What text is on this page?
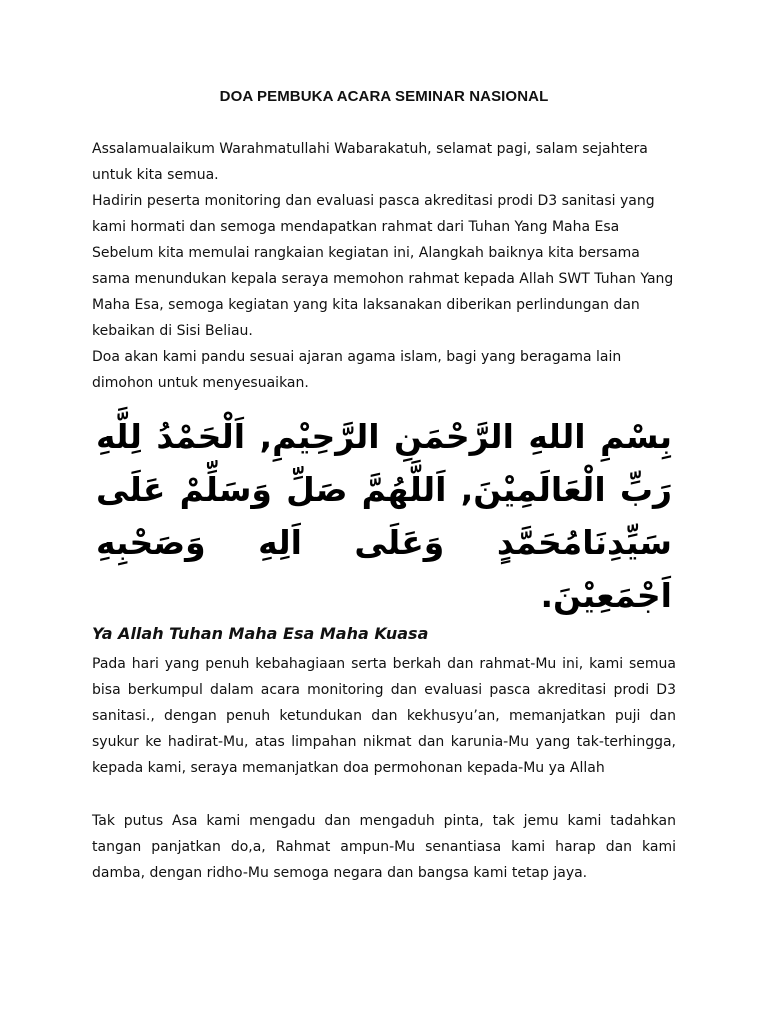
DOA PEMBUKA ACARA SEMINAR NASIONAL

Assalamualaikum Warahmatullahi Wabarakatuh, selamat pagi, salam sejahtera untuk kita semua.

Hadirin peserta monitoring dan evaluasi pasca akreditasi prodi D3 sanitasi yang kami hormati dan semoga mendapatkan rahmat dari Tuhan Yang Maha Esa

Sebelum kita memulai rangkaian kegiatan ini, Alangkah baiknya kita bersama sama menundukan kepala seraya memohon rahmat kepada Allah SWT Tuhan Yang Maha Esa, semoga kegiatan yang kita laksanakan diberikan perlindungan dan kebaikan di Sisi Beliau.

Doa akan kami pandu sesuai ajaran agama islam, bagi yang beragama lain dimohon untuk menyesuaikan.

بِسْمِ اللهِ الرَّحْمَنِ الرَّحِيْمِ, اَلْحَمْدُ لِلَّهِ رَبِّ الْعَالَمِيْنَ, اَللَّهُمَّ صَلِّ وَسَلِّمْ عَلَى سَيِّدِنَامُحَمَّدٍ وَعَلَى اَلِهِ وَصَحْبِهِ اَجْمَعِيْنَ.

Ya Allah Tuhan Maha Esa Maha Kuasa

Pada hari yang penuh kebahagiaan serta berkah dan rahmat-Mu ini, kami semua bisa berkumpul dalam acara monitoring dan evaluasi pasca akreditasi prodi D3 sanitasi., dengan penuh ketundukan dan kekhusyu’an, memanjatkan puji dan syukur ke hadirat-Mu, atas limpahan nikmat dan karunia-Mu yang tak-terhingga, kepada kami, seraya memanjatkan doa permohonan kepada-Mu ya Allah

Tak putus Asa kami mengadu dan mengaduh pinta, tak jemu kami tadahkan tangan panjatkan do,a, Rahmat ampun-Mu senantiasa kami harap dan kami damba, dengan ridho-Mu semoga negara dan bangsa kami tetap jaya.
